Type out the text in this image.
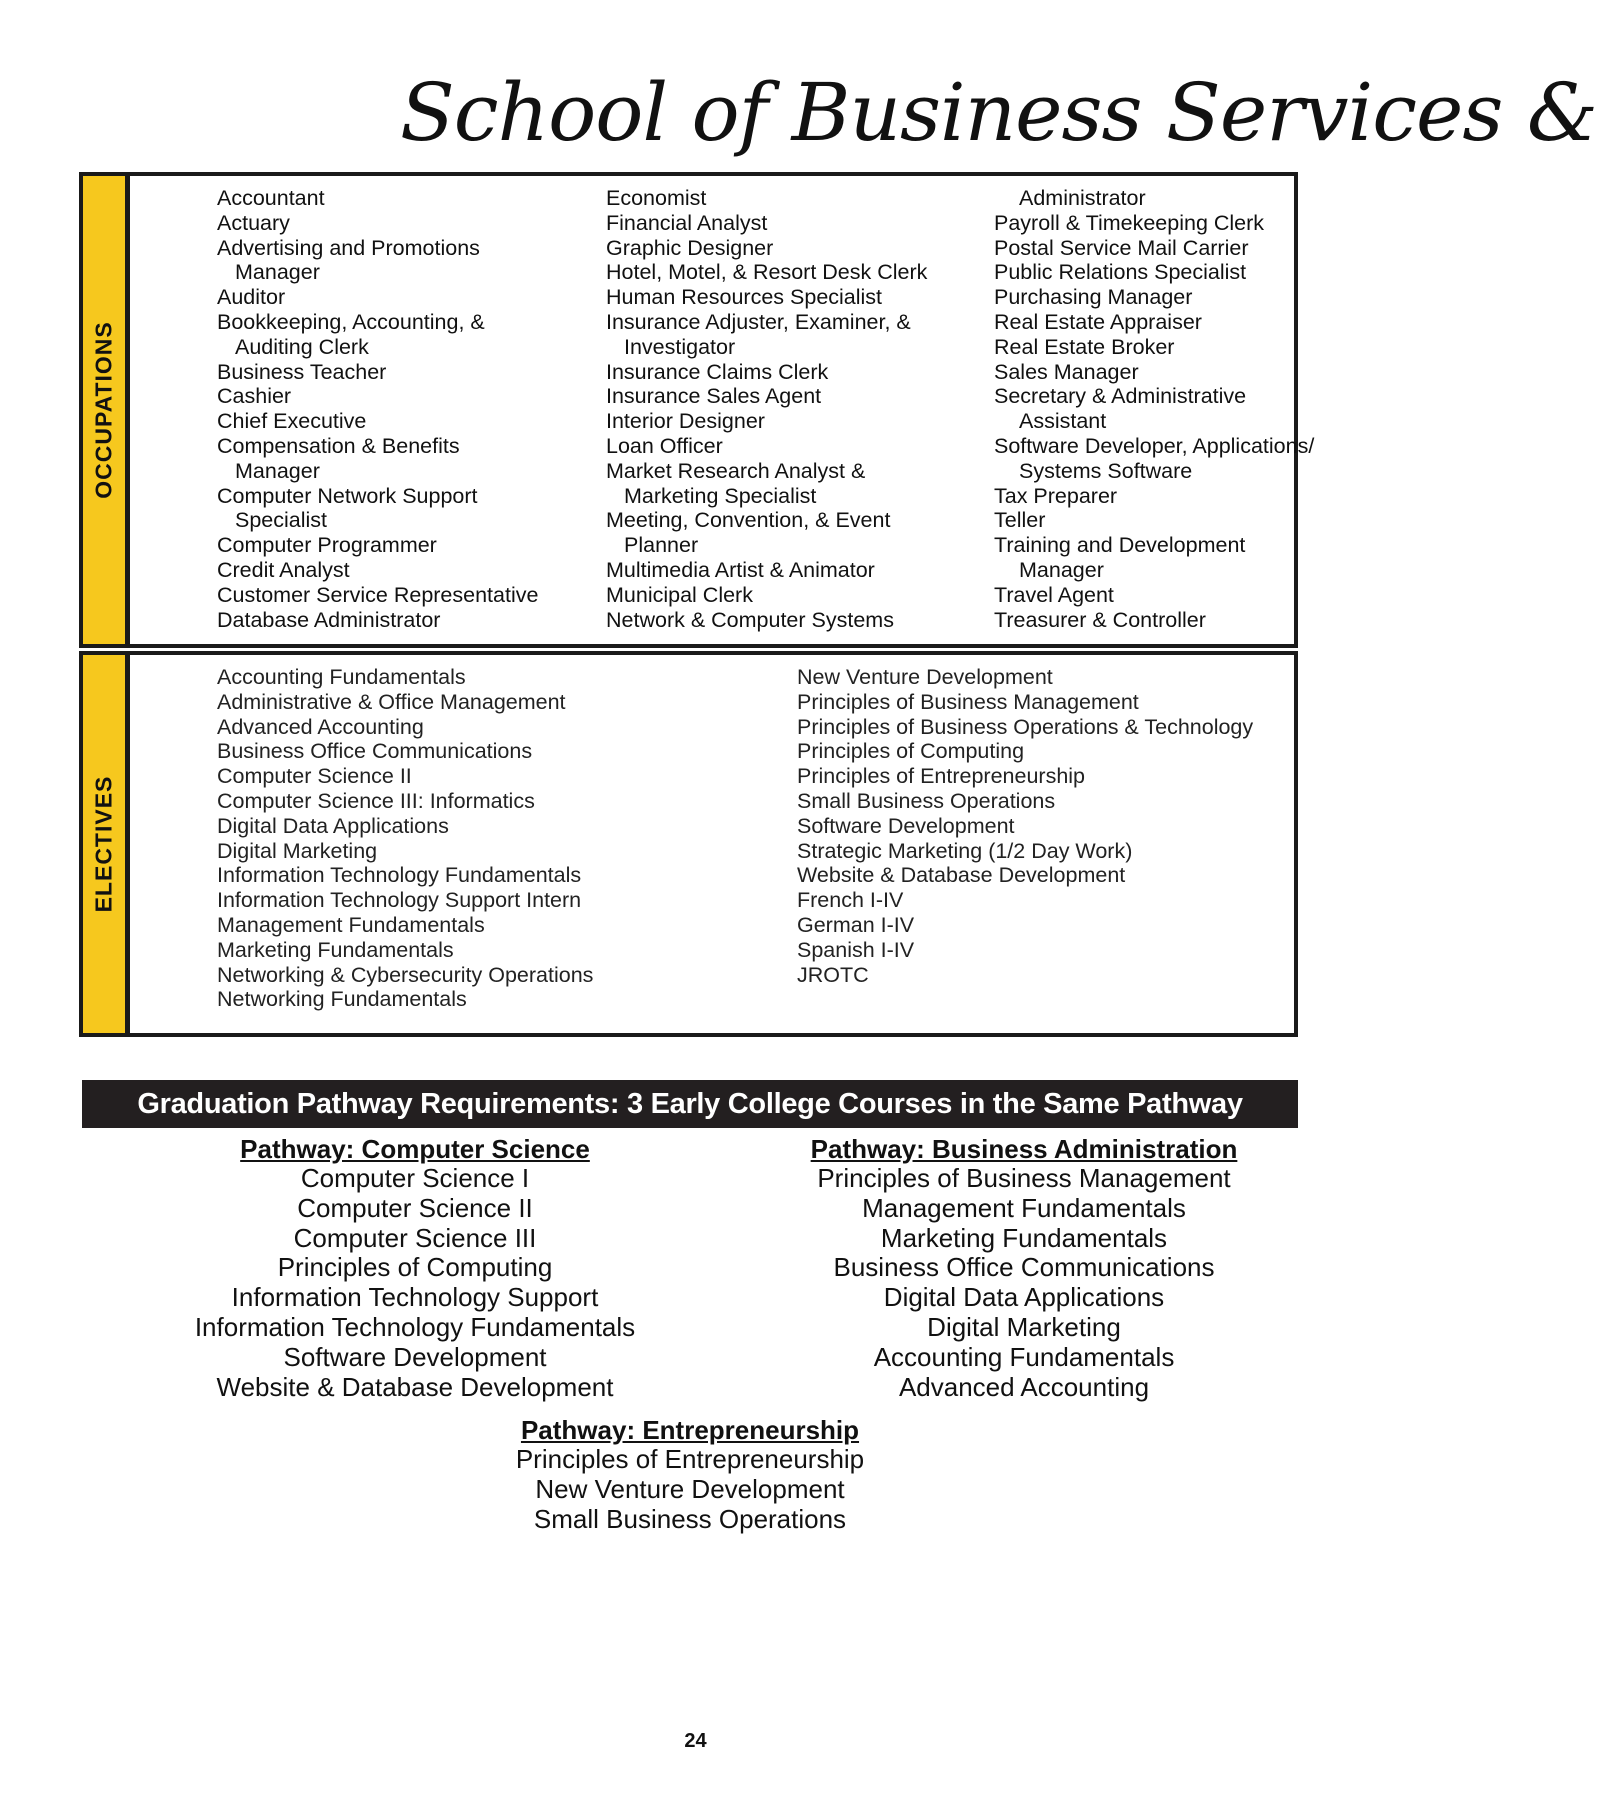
School of Business Services &
OCCUPATIONS
Accountant
Actuary
Advertising and Promotions
Manager
Auditor
Bookkeeping, Accounting, &
Auditing Clerk
Business Teacher
Cashier
Chief Executive
Compensation & Benefits
Manager
Computer Network Support
Specialist
Computer Programmer
Credit Analyst
Customer Service Representative
Database Administrator
Economist
Financial Analyst
Graphic Designer
Hotel, Motel, & Resort Desk Clerk
Human Resources Specialist
Insurance Adjuster, Examiner, &
Investigator
Insurance Claims Clerk
Insurance Sales Agent
Interior Designer
Loan Officer
Market Research Analyst &
Marketing Specialist
Meeting, Convention, & Event
Planner
Multimedia Artist & Animator
Municipal Clerk
Network & Computer Systems
Administrator
Payroll & Timekeeping Clerk
Postal Service Mail Carrier
Public Relations Specialist
Purchasing Manager
Real Estate Appraiser
Real Estate Broker
Sales Manager
Secretary & Administrative
Assistant
Software Developer, Applications/
Systems Software
Tax Preparer
Teller
Training and Development
Manager
Travel Agent
Treasurer & Controller
ELECTIVES
Accounting Fundamentals
Administrative & Office Management
Advanced Accounting
Business Office Communications
Computer Science II
Computer Science III: Informatics
Digital Data Applications
Digital Marketing
Information Technology Fundamentals
Information Technology Support Intern
Management Fundamentals
Marketing Fundamentals
Networking & Cybersecurity Operations
Networking Fundamentals
New Venture Development
Principles of Business Management
Principles of Business Operations & Technology
Principles of Computing
Principles of Entrepreneurship
Small Business Operations
Software Development
Strategic Marketing (1/2 Day Work)
Website & Database Development
French I-IV
German I-IV
Spanish I-IV
JROTC
Graduation Pathway Requirements: 3 Early College Courses in the Same Pathway
Pathway: Computer Science
Computer Science I
Computer Science II
Computer Science III
Principles of Computing
Information Technology Support
Information Technology Fundamentals
Software Development
Website & Database Development
Pathway: Business Administration
Principles of Business Management
Management Fundamentals
Marketing Fundamentals
Business Office Communications
Digital Data Applications
Digital Marketing
Accounting Fundamentals
Advanced Accounting
Pathway: Entrepreneurship
Principles of Entrepreneurship
New Venture Development
Small Business Operations
24
